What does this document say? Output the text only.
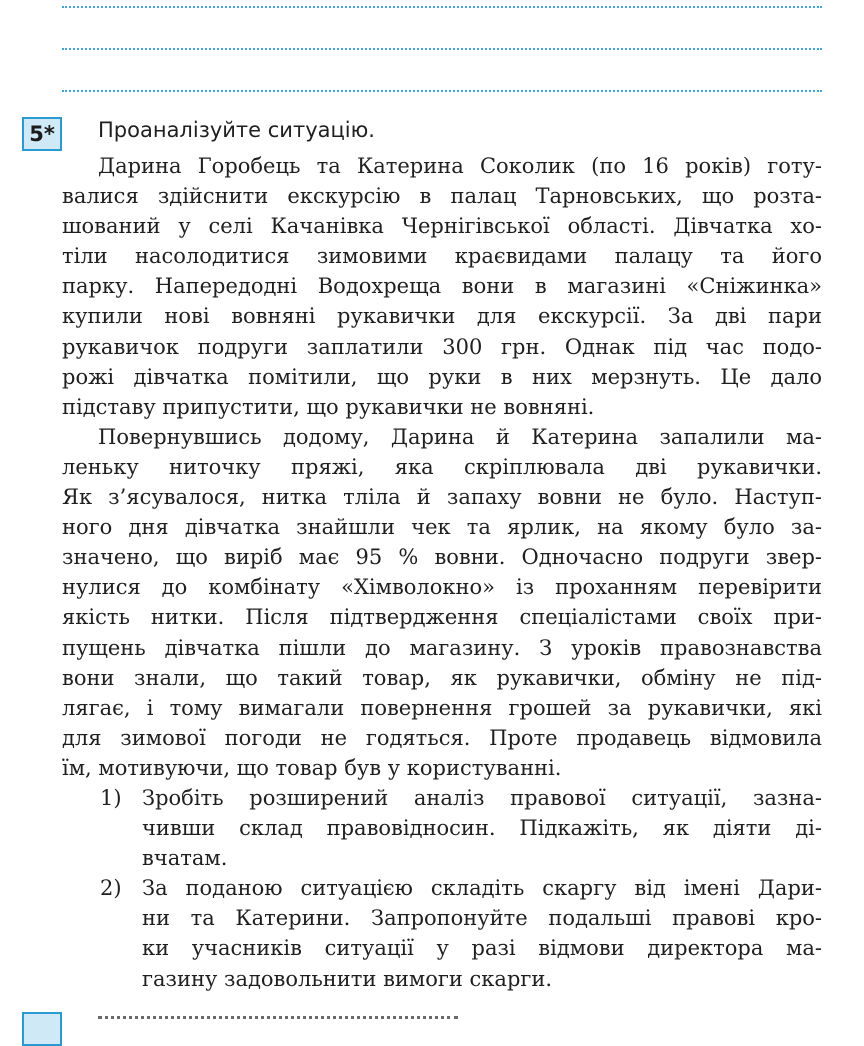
5* Проаналізуйте ситуацію.
Дарина Горобець та Катерина Соколик (по 16 років) готу-
валися здійснити екскурсію в палац Тарновських, що розта-
шований у селі Качанівка Чернігівської області. Дівчатка хо-
тіли насолодитися зимовими краєвидами палацу та його
парку. Напередодні Водохреща вони в магазині «Сніжинка»
купили нові вовняні рукавички для екскурсії. За дві пари
рукавичок подруги заплатили 300 грн. Однак під час подо-
рожі дівчатка помітили, що руки в них мерзнуть. Це дало
підставу припустити, що рукавички не вовняні.
Повернувшись додому, Дарина й Катерина запалили ма-
леньку ниточку пряжі, яка скріплювала дві рукавички.
Як з’ясувалося, нитка тліла й запаху вовни не було. Наступ-
ного дня дівчатка знайшли чек та ярлик, на якому було за-
значено, що виріб має 95 % вовни. Одночасно подруги звер-
нулися до комбінату «Хімволокно» із проханням перевірити
якість нитки. Після підтвердження спеціалістами своїх при-
пущень дівчатка пішли до магазину. З уроків правознавства
вони знали, що такий товар, як рукавички, обміну не під-
лягає, і тому вимагали повернення грошей за рукавички, які
для зимової погоди не годяться. Проте продавець відмовила
їм, мотивуючи, що товар був у користуванні.
1) Зробіть розширений аналіз правової ситуації, зазна-
чивши склад правовідносин. Підкажіть, як діяти ді-
вчатам.
2) За поданою ситуацією складіть скаргу від імені Дари-
ни та Катерини. Запропонуйте подальші правові кро-
ки учасників ситуації у разі відмови директора ма-
газину задовольнити вимоги скарги.
